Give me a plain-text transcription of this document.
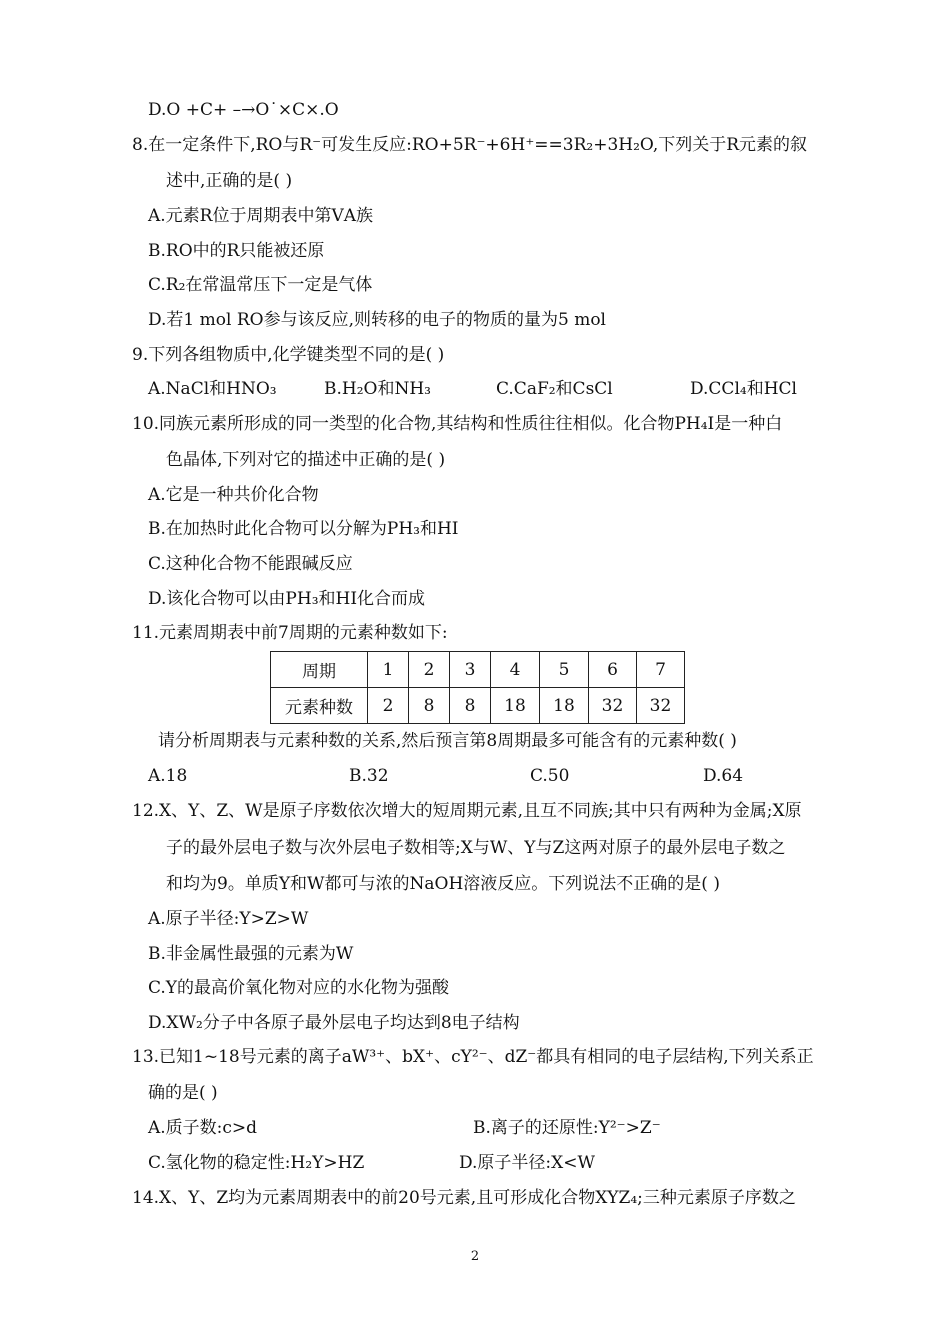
D.O +C+ –→O˙×C×.O
8.在一定条件下,RO与R⁻可发生反应:RO+5R⁻+6H⁺==3R₂+3H₂O,下列关于R元素的叙
述中,正确的是( )
A.元素R位于周期表中第ⅤA族
B.RO中的R只能被还原
C.R₂在常温常压下一定是气体
D.若1 mol RO参与该反应,则转移的电子的物质的量为5 mol
9.下列各组物质中,化学键类型不同的是( )
A.NaCl和HNO₃	B.H₂O和NH₃	C.CaF₂和CsCl	D.CCl₄和HCl
10.同族元素所形成的同一类型的化合物,其结构和性质往往相似。化合物PH₄I是一种白
色晶体,下列对它的描述中正确的是( )
A.它是一种共价化合物
B.在加热时此化合物可以分解为PH₃和HI
C.这种化合物不能跟碱反应
D.该化合物可以由PH₃和HI化合而成
11.元素周期表中前7周期的元素种数如下:
周期	1	2	3	4	5	6	7
元素种数	2	8	8	18	18	32	32
请分析周期表与元素种数的关系,然后预言第8周期最多可能含有的元素种数( )
A.18	B.32	C.50	D.64
12.X、Y、Z、W是原子序数依次增大的短周期元素,且互不同族;其中只有两种为金属;X原
子的最外层电子数与次外层电子数相等;X与W、Y与Z这两对原子的最外层电子数之
和均为9。单质Y和W都可与浓的NaOH溶液反应。下列说法不正确的是( )
A.原子半径:Y>Z>W
B.非金属性最强的元素为W
C.Y的最高价氧化物对应的水化物为强酸
D.XW₂分子中各原子最外层电子均达到8电子结构
13.已知1~18号元素的离子aW³⁺、bX⁺、cY²⁻、dZ⁻都具有相同的电子层结构,下列关系正
确的是( )
A.质子数:c>d	B.离子的还原性:Y²⁻>Z⁻
C.氢化物的稳定性:H₂Y>HZ	D.原子半径:X<W
14.X、Y、Z均为元素周期表中的前20号元素,且可形成化合物XYZ₄;三种元素原子序数之
2
